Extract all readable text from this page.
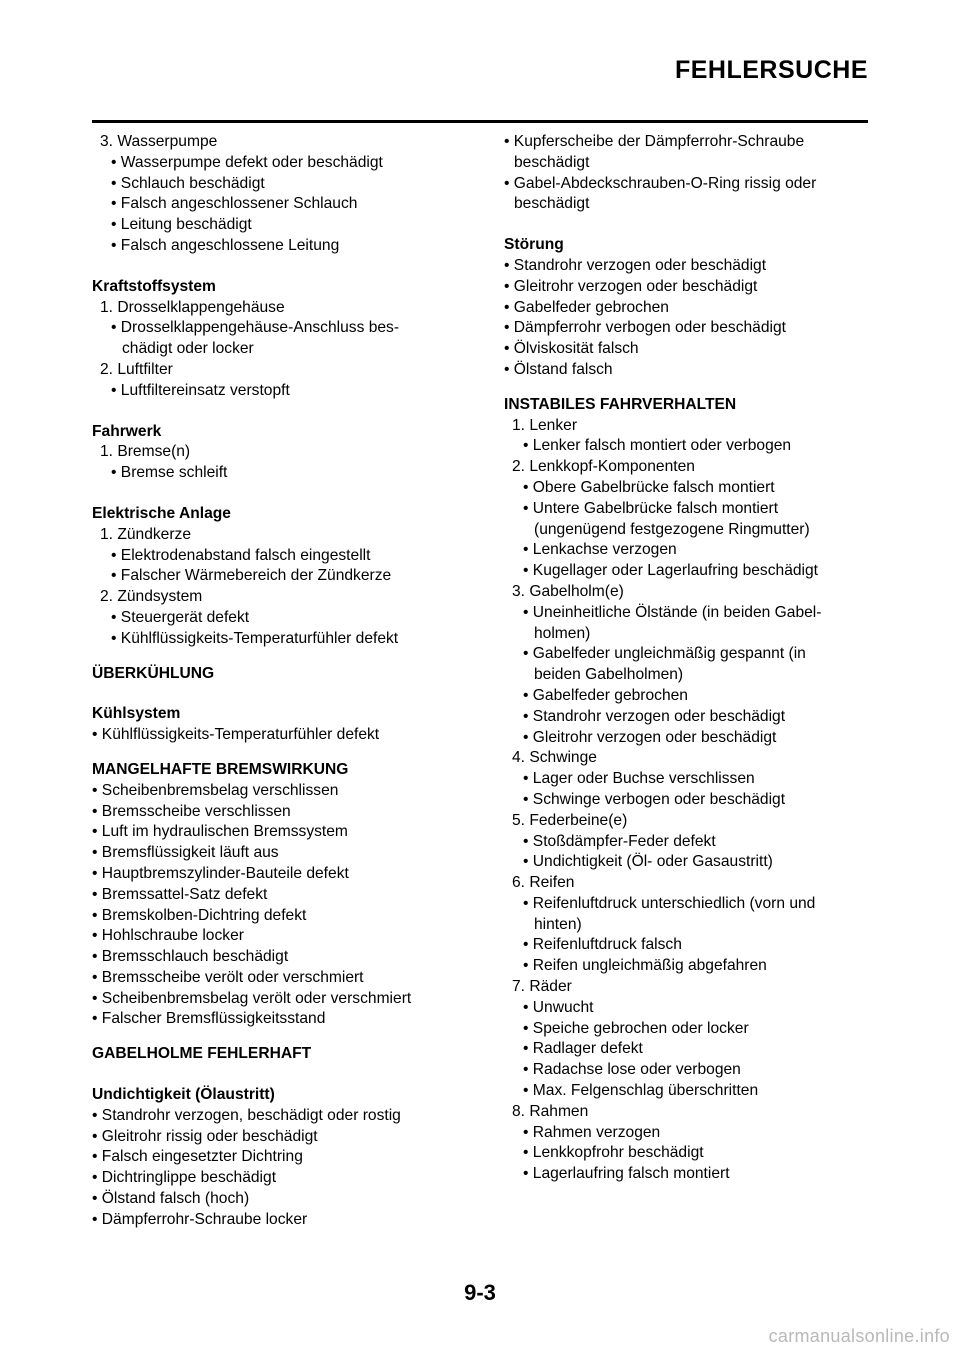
FEHLERSUCHE
3. Wasserpumpe
• Wasserpumpe defekt oder beschädigt
• Schlauch beschädigt
• Falsch angeschlossener Schlauch
• Leitung beschädigt
• Falsch angeschlossene Leitung
Kraftstoffsystem
1. Drosselklappengehäuse
• Drosselklappengehäuse-Anschluss bes-
chädigt oder locker
2. Luftfilter
• Luftfiltereinsatz verstopft
Fahrwerk
1. Bremse(n)
• Bremse schleift
Elektrische Anlage
1. Zündkerze
• Elektrodenabstand falsch eingestellt
• Falscher Wärmebereich der Zündkerze
2. Zündsystem
• Steuergerät defekt
• Kühlflüssigkeits-Temperaturfühler defekt
ÜBERKÜHLUNG
Kühlsystem
• Kühlflüssigkeits-Temperaturfühler defekt
MANGELHAFTE BREMSWIRKUNG
• Scheibenbremsbelag verschlissen
• Bremsscheibe verschlissen
• Luft im hydraulischen Bremssystem
• Bremsflüssigkeit läuft aus
• Hauptbremszylinder-Bauteile defekt
• Bremssattel-Satz defekt
• Bremskolben-Dichtring defekt
• Hohlschraube locker
• Bremsschlauch beschädigt
• Bremsscheibe verölt oder verschmiert
• Scheibenbremsbelag verölt oder verschmiert
• Falscher Bremsflüssigkeitsstand
GABELHOLME FEHLERHAFT
Undichtigkeit (Ölaustritt)
• Standrohr verzogen, beschädigt oder rostig
• Gleitrohr rissig oder beschädigt
• Falsch eingesetzter Dichtring
• Dichtringlippe beschädigt
• Ölstand falsch (hoch)
• Dämpferrohr-Schraube locker
• Kupferscheibe der Dämpferrohr-Schraube
beschädigt
• Gabel-Abdeckschrauben-O-Ring rissig oder
beschädigt
Störung
• Standrohr verzogen oder beschädigt
• Gleitrohr verzogen oder beschädigt
• Gabelfeder gebrochen
• Dämpferrohr verbogen oder beschädigt
• Ölviskosität falsch
• Ölstand falsch
INSTABILES FAHRVERHALTEN
1. Lenker
• Lenker falsch montiert oder verbogen
2. Lenkkopf-Komponenten
• Obere Gabelbrücke falsch montiert
• Untere Gabelbrücke falsch montiert
(ungenügend festgezogene Ringmutter)
• Lenkachse verzogen
• Kugellager oder Lagerlaufring beschädigt
3. Gabelholm(e)
• Uneinheitliche Ölstände (in beiden Gabel-
holmen)
• Gabelfeder ungleichmäßig gespannt (in
beiden Gabelholmen)
• Gabelfeder gebrochen
• Standrohr verzogen oder beschädigt
• Gleitrohr verzogen oder beschädigt
4. Schwinge
• Lager oder Buchse verschlissen
• Schwinge verbogen oder beschädigt
5. Federbeine(e)
• Stoßdämpfer-Feder defekt
• Undichtigkeit (Öl- oder Gasaustritt)
6. Reifen
• Reifenluftdruck unterschiedlich (vorn und
hinten)
• Reifenluftdruck falsch
• Reifen ungleichmäßig abgefahren
7. Räder
• Unwucht
• Speiche gebrochen oder locker
• Radlager defekt
• Radachse lose oder verbogen
• Max. Felgenschlag überschritten
8. Rahmen
• Rahmen verzogen
• Lenkkopfrohr beschädigt
• Lagerlaufring falsch montiert
9-3
carmanualsonline.info
